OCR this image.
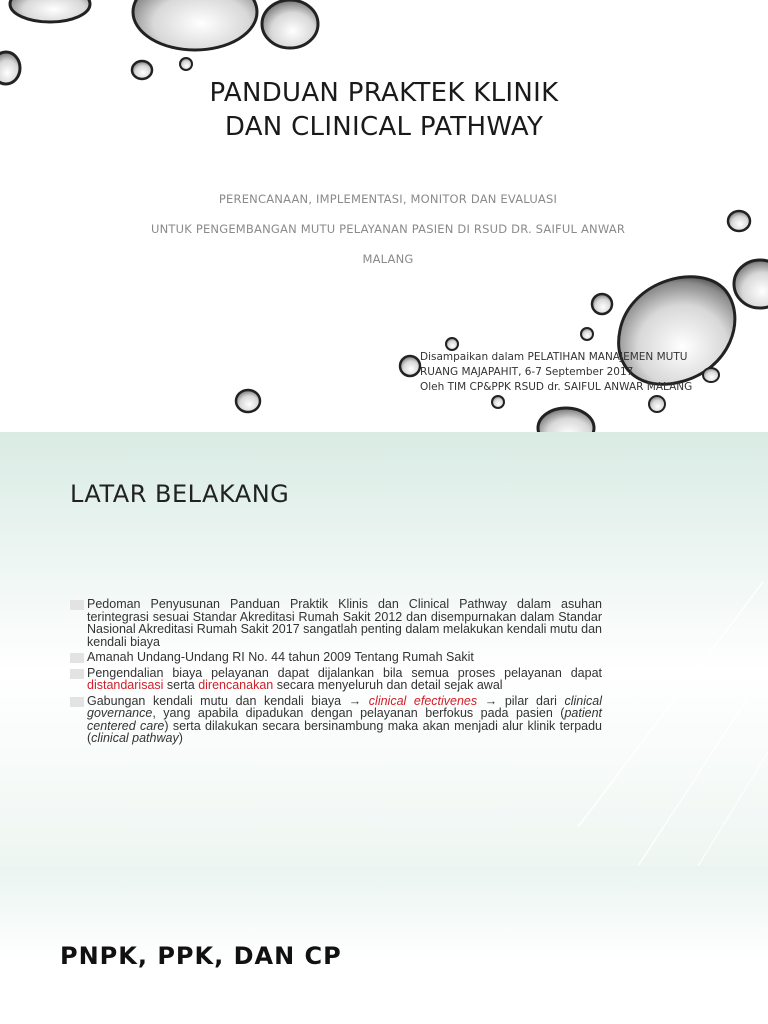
PANDUAN PRAKTEK KLINIK
DAN CLINICAL PATHWAY
PERENCANAAN, IMPLEMENTASI, MONITOR DAN EVALUASI
UNTUK PENGEMBANGAN MUTU PELAYANAN PASIEN DI RSUD DR. SAIFUL ANWAR
MALANG
Disampaikan dalam PELATIHAN MANAJEMEN MUTU
RUANG MAJAPAHIT, 6-7 September 2017
Oleh TIM CP&PPK RSUD dr. SAIFUL ANWAR MALANG
LATAR BELAKANG
Pedoman Penyusunan Panduan Praktik Klinis dan Clinical Pathway dalam asuhan terintegrasi sesuai Standar Akreditasi Rumah Sakit 2012 dan disempurnakan dalam Standar Nasional Akreditasi Rumah Sakit 2017 sangatlah penting dalam melakukan kendali mutu dan kendali biaya
Amanah Undang-Undang RI No. 44 tahun 2009 Tentang Rumah Sakit
Pengendalian biaya pelayanan dapat dijalankan bila semua proses pelayanan dapat distandarisasi serta direncanakan secara menyeluruh dan detail sejak awal
Gabungan kendali mutu dan kendali biaya → clinical efectivenes → pilar dari clinical governance, yang apabila dipadukan dengan pelayanan berfokus pada pasien (patient centered care) serta dilakukan secara bersinambung maka akan menjadi alur klinik terpadu (clinical pathway)
PNPK, PPK, DAN CP
